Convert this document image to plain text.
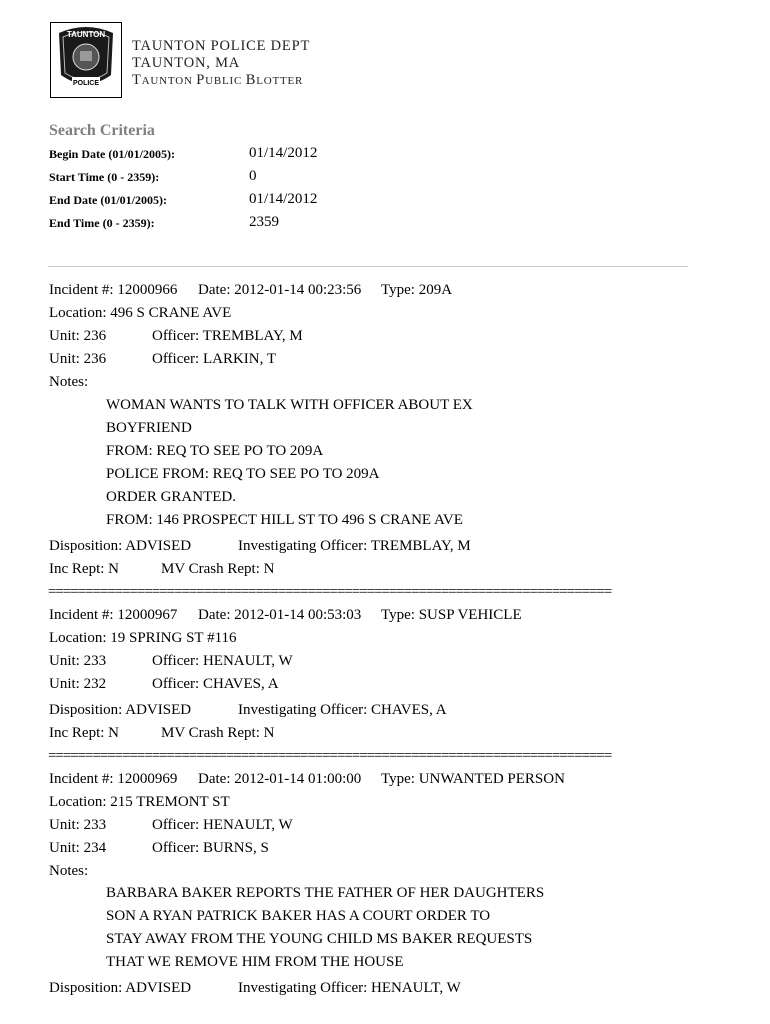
TAUNTON
POLICE
TAUNTON POLICE DEPT
TAUNTON, MA
TAUNTON PUBLIC BLOTTER
Search Criteria
Begin Date (01/01/2005):	01/14/2012
Start Time (0 - 2359):	0
End Date (01/01/2005):	01/14/2012
End Time (0 - 2359):	2359
Incident #: 12000966 Date: 2012-01-14 00:23:56 Type: 209A
Location: 496 S CRANE AVE
Unit: 236	Officer: TREMBLAY, M
Unit: 236	Officer: LARKIN, T
Notes:
WOMAN WANTS TO TALK WITH OFFICER ABOUT EX
BOYFRIEND
FROM: REQ TO SEE PO TO 209A
POLICE FROM: REQ TO SEE PO TO 209A
ORDER GRANTED.
FROM: 146 PROSPECT HILL ST TO 496 S CRANE AVE
Disposition: ADVISED	Investigating Officer: TREMBLAY, M
Inc Rept: N	MV Crash Rept: N
============================================================================
Incident #: 12000967 Date: 2012-01-14 00:53:03 Type: SUSP VEHICLE
Location: 19 SPRING ST #116
Unit: 233	Officer: HENAULT, W
Unit: 232	Officer: CHAVES, A
Disposition: ADVISED	Investigating Officer: CHAVES, A
Inc Rept: N	MV Crash Rept: N
============================================================================
Incident #: 12000969 Date: 2012-01-14 01:00:00 Type: UNWANTED PERSON
Location: 215 TREMONT ST
Unit: 233	Officer: HENAULT, W
Unit: 234	Officer: BURNS, S
Notes:
BARBARA BAKER REPORTS THE FATHER OF HER DAUGHTERS
SON A RYAN PATRICK BAKER HAS A COURT ORDER TO
STAY AWAY FROM THE YOUNG CHILD MS BAKER REQUESTS
THAT WE REMOVE HIM FROM THE HOUSE
Disposition: ADVISED	Investigating Officer: HENAULT, W
